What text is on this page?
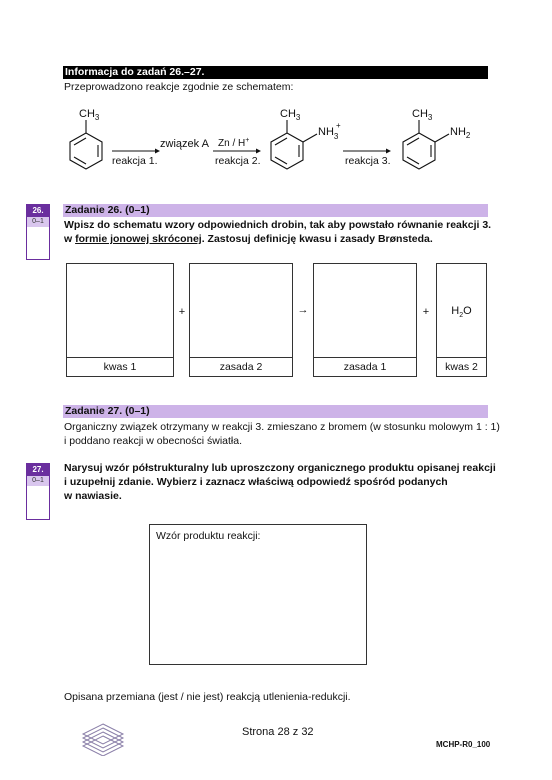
Informacja do zadań 26.–27.
Przeprowadzono reakcje zgodnie ze schematem:
$CH_3$
związek A
reakcja 1.
Zn / H+
reakcja 2.
$CH_3$
$NH_3$
+
reakcja 3.
$CH_3$
$NH_2$
26.
0–1
Zadanie 26. (0–1)
Wpisz do schematu wzory odpowiednich drobin, tak aby powstało równanie reakcji 3.
w formie jonowej skróconej. Zastosuj definicję kwasu i zasady Brønsteda.
kwas 1
+
zasada 2
→
zasada 1
+	$H_2O$
kwas 2
Zadanie 27. (0–1)
Organiczny związek otrzymany w reakcji 3. zmieszano z bromem (w stosunku molowym 1 : 1)
i poddano reakcji w obecności światła.
27.
0–1
Narysuj wzór półstrukturalny lub uproszczony organicznego produktu opisanej reakcji
i uzupełnij zdanie. Wybierz i zaznacz właściwą odpowiedź spośród podanych
w nawiasie.
Wzór produktu reakcji:
Opisana przemiana (jest / nie jest) reakcją utlenienia-redukcji.
Strona 28 z 32
MCHP-R0_100
